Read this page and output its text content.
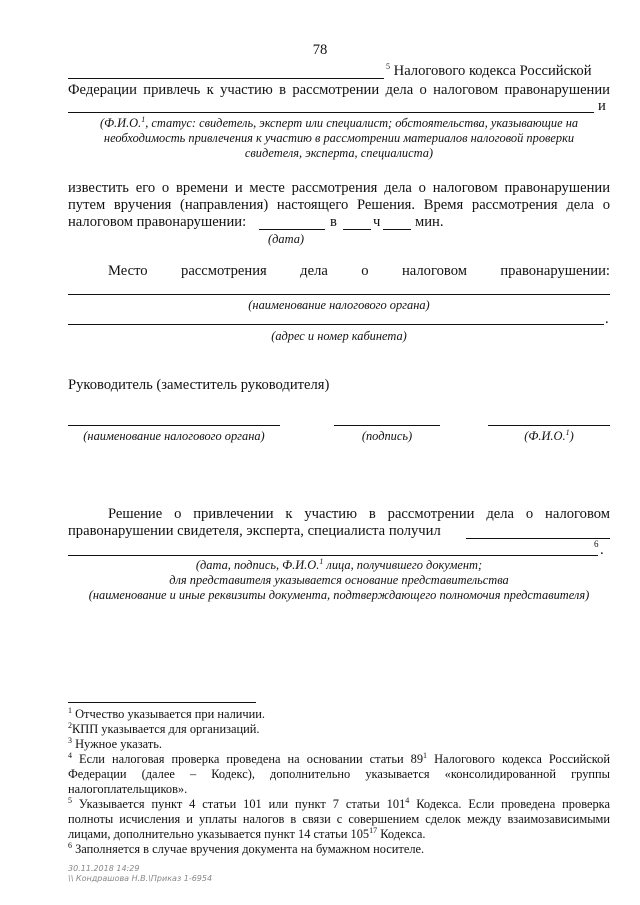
78
$^5$ Налогового кодекса Российской
Федерации привлечь к участию в рассмотрении дела о налоговом правонарушении
и
(Ф.И.О.$^1$, статус: свидетель, эксперт или специалист; обстоятельства, указывающие на
необходимость привлечения к участию в рассмотрении материалов налоговой проверки
свидетеля, эксперта, специалиста)
известить его о времени и месте рассмотрения дела о налоговом правонарушении
путем вручения (направления) настоящего Решения. Время рассмотрения дела о
налоговом правонарушении:	в ч мин.
(дата)
Место рассмотрения дела о налоговом правонарушении:
(наименование налогового органа)
.
(адрес и номер кабинета)
Руководитель (заместитель руководителя)
(наименование налогового органа)	(подпись)	(Ф.И.О.$^1$)
Решение о привлечении к участию в рассмотрении дела о налоговом
правонарушении свидетеля, эксперта, специалиста получил
6 .
(дата, подпись, Ф.И.О.$^1$ лица, получившего документ;
для представителя указывается основание представительства
(наименование и иные реквизиты документа, подтверждающего полномочия представителя)
$^1$ Отчество указывается при наличии.
$^2$КПП указывается для организаций.
$^3$ Нужное указать.
$^4$ Если налоговая проверка проведена на основании статьи $89^1$ Налогового кодекса Российской
Федерации (далее – Кодекс), дополнительно указывается «консолидированной группы
налогоплательщиков».
$^5$ Указывается пункт 4 статьи 101 или пункт 7 статьи $101^4$ Кодекса. Если проведена проверка
полноты исчисления и уплаты налогов в связи с совершением сделок между взаимозависимыми
лицами, дополнительно указывается пункт 14 статьи $105^{17}$ Кодекса.
$^6$ Заполняется в случае вручения документа на бумажном носителе.
30.11.2018 14:29
\\ Кондрашова Н.В.\Приказ 1-6954
